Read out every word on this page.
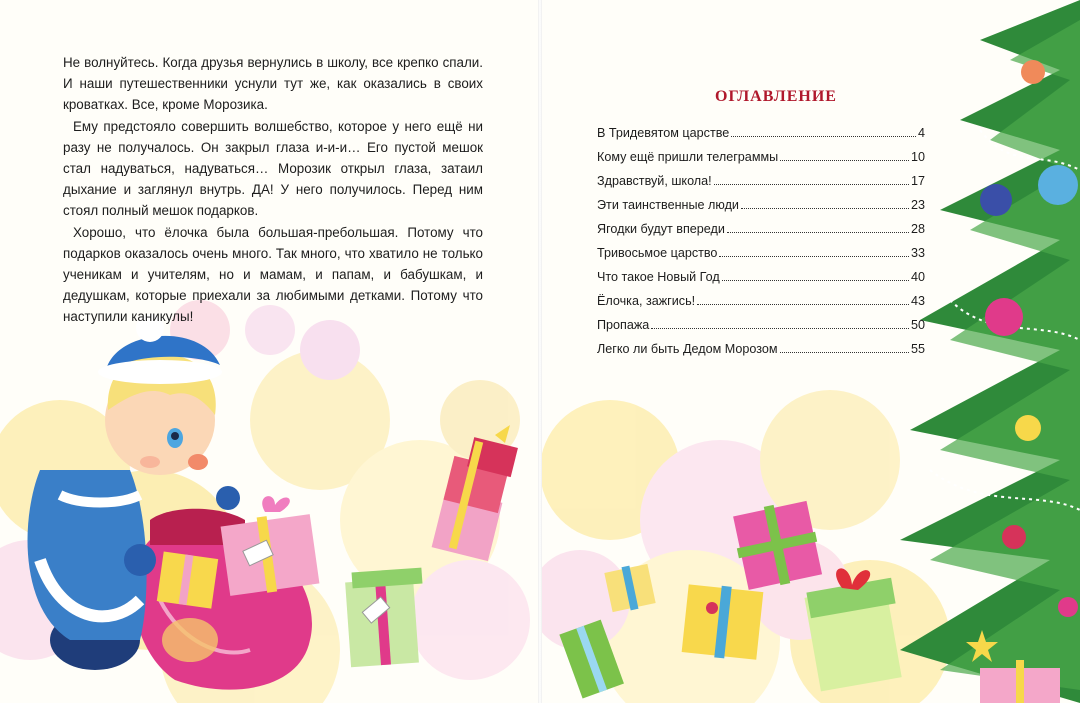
Не волнуйтесь. Когда друзья вернулись в школу, все крепко спали. И наши путешественники уснули тут же, как оказались в своих кроватках. Все, кроме Морозика.

Ему предстояло совершить волшебство, которое у него ещё ни разу не получалось. Он закрыл глаза и-и-и… Его пустой мешок стал надуваться, надуваться… Морозик открыл глаза, затаил дыхание и заглянул внутрь. ДА! У него получилось. Перед ним стоял полный мешок подарков.

Хорошо, что ёлочка была большая-пребольшая. Потому что подарков оказалось очень много. Так много, что хватило не только ученикам и учителям, но и мамам, и папам, и бабушкам, и дедушкам, которые приехали за любимыми детками. Потому что наступили каникулы!

ОГЛАВЛЕНИЕ
В Тридевятом царстве	4
Кому ещё пришли телеграммы	10
Здравствуй, школа!	17
Эти таинственные люди	23
Ягодки будут впереди	28
Тривосьмое царство	33
Что такое Новый Год	40
Ёлочка, зажгись!	43
Пропажа	50
Легко ли быть Дедом Морозом	55
